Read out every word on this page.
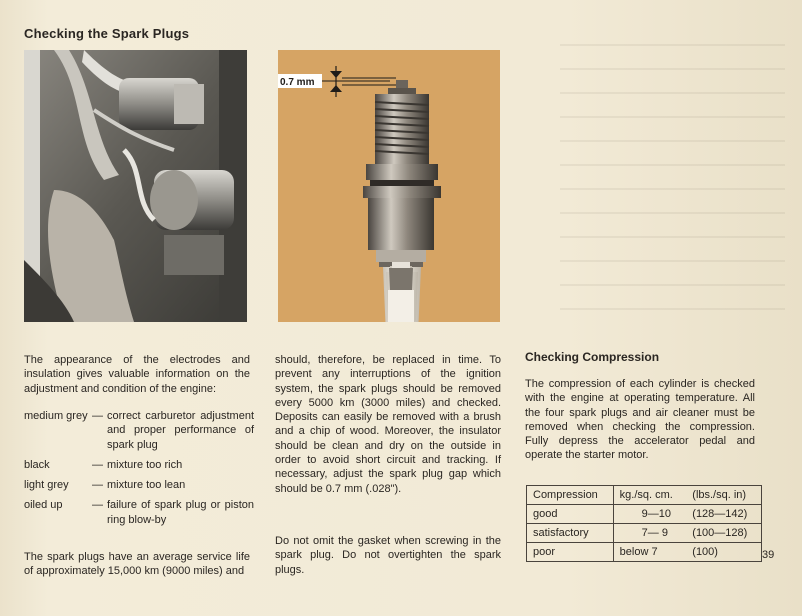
Checking the Spark Plugs
0.7 mm

The appearance of the electrodes and insulation gives valuable information on the adjustment and condition of the engine:

medium grey — correct carburetor adjustment and proper performance of spark plug
black	— mixture too rich
light grey	— mixture too lean
oiled up	— failure of spark plug or piston ring blow-by

The spark plugs have an average service life of approximately 15,000 km (9000 miles) and

should, therefore, be replaced in time. To prevent any interruptions of the ignition system, the spark plugs should be removed every 5000 km (3000 miles) and checked. Deposits can easily be removed with a brush and a chip of wood. Moreover, the insulator should be clean and dry on the outside in order to avoid short circuit and tracking. If necessary, adjust the spark plug gap which should be 0.7 mm (.028").

Do not omit the gasket when screwing in the spark plug. Do not overtighten the spark plugs.

Checking Compression

The compression of each cylinder is checked with the engine at operating temperature. All the four spark plugs and air cleaner must be removed when checking the compression. Fully depress the accelerator pedal and operate the starter motor.

Compression	kg./sq. cm.	(lbs./sq. in)
good	9—10	(128—142)
satisfactory	7— 9	(100—128)
poor	below 7	(100)	39
